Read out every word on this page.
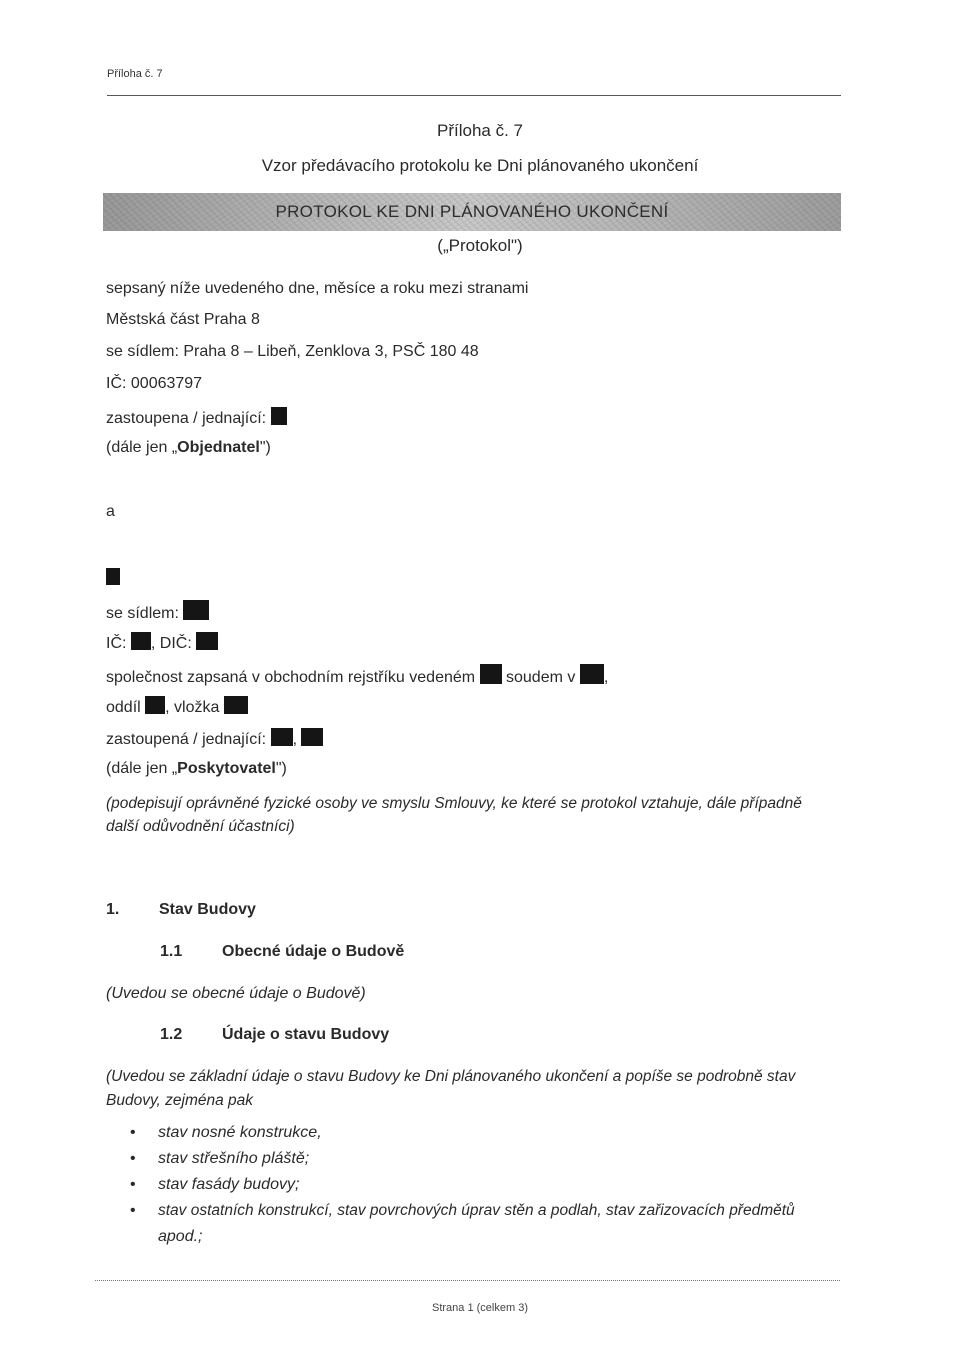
Příloha č. 7
Příloha č. 7
Vzor předávacího protokolu ke Dni plánovaného ukončení
PROTOKOL KE DNI PLÁNOVANÉHO UKONČENÍ
(„Protokol")
sepsaný níže uvedeného dne, měsíce a roku mezi stranami
Městská část Praha 8
se sídlem: Praha 8 – Libeň, Zenklova 3, PSČ 180 48
IČ: 00063797
zastoupena / jednající:
(dále jen „Objednatel")
a
se sídlem:
IČ: , DIČ:
společnost zapsaná v obchodním rejstříku vedeném soudem v ,
oddíl , vložka
zastoupená / jednající: ,
(dále jen „Poskytovatel")
(podepisují oprávněné fyzické osoby ve smyslu Smlouvy, ke které se protokol vztahuje, dále případně
další odůvodnění účastníci)
1. Stav Budovy
1.1 Obecné údaje o Budově
(Uvedou se obecné údaje o Budově)
1.2 Údaje o stavu Budovy
(Uvedou se základní údaje o stavu Budovy ke Dni plánovaného ukončení a popíše se podrobně stav
Budovy, zejména pak
• stav nosné konstrukce,
• stav střešního pláště;
• stav fasády budovy;
• stav ostatních konstrukcí, stav povrchových úprav stěn a podlah, stav zařizovacích předmětů
apod.;
Strana 1 (celkem 3)
